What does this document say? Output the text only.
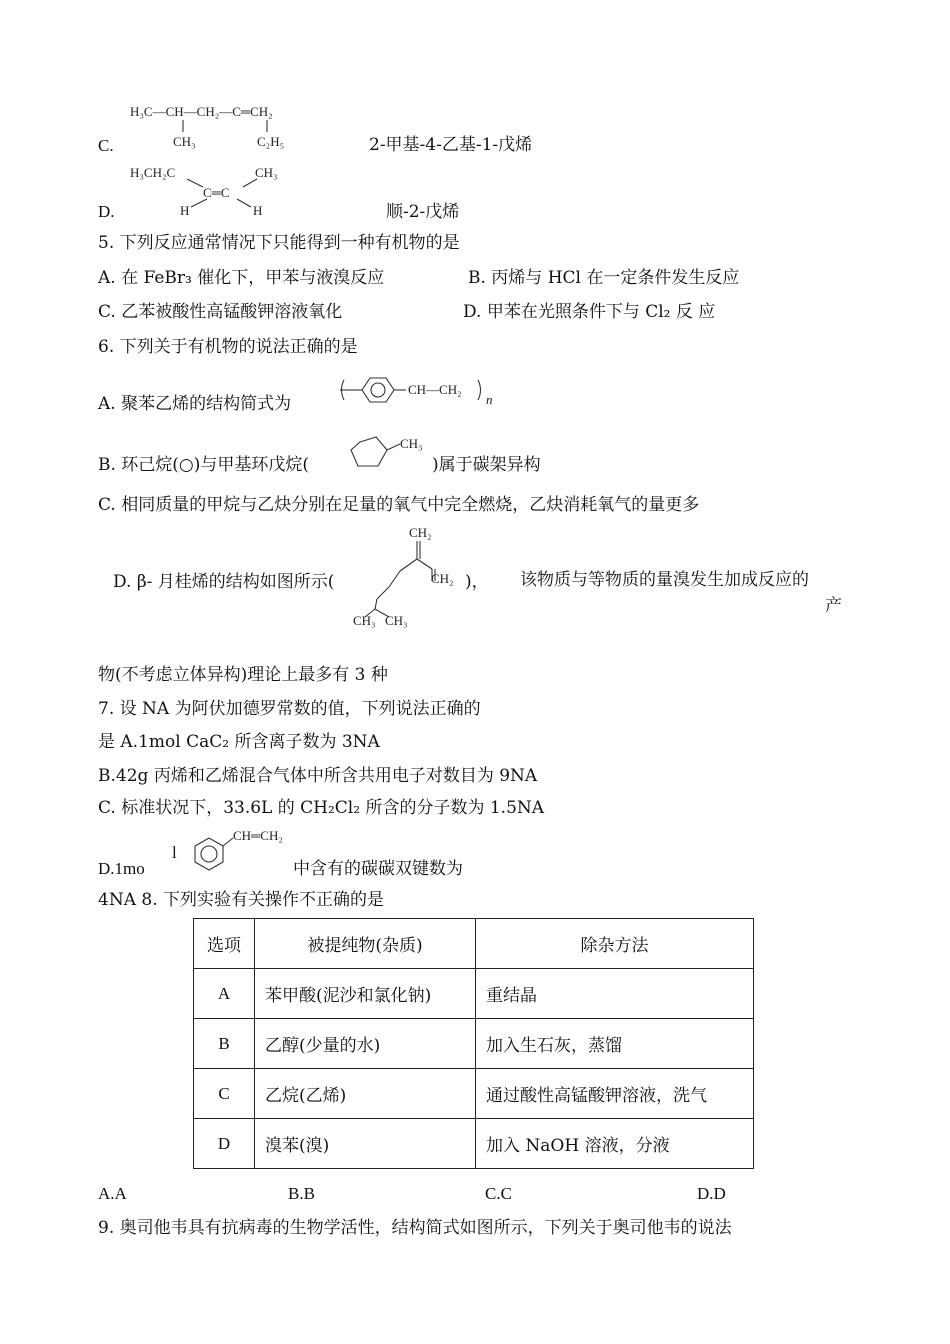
H₃C—CH—CH₂—C═CH₂
CH₃	C₂H₅
C.	2-甲基-4-乙基-1-戊烯
H₃CH₂C	CH₃
C═C
H	H
D.	顺-2-戊烯
5. 下列反应通常情况下只能得到一种有机物的是
A. 在 FeBr₃ 催化下，甲苯与液溴反应	B. 丙烯与 HCl 在一定条件发生反应
C. 乙苯被酸性高锰酸钾溶液氧化	D. 甲苯在光照条件下与 Cl₂ 反 应
6. 下列关于有机物的说法正确的是
A. 聚苯乙烯的结构简式为
CH—CH₂
n
B. 环己烷(○)与甲基环戊烷(
CH₃
)属于碳架异构
C. 相同质量的甲烷与乙炔分别在足量的氧气中完全燃烧，乙炔消耗氧气的量更多
D. β- 月桂烯的结构如图所示(
CH₂
CH₂
CH₃ CH₃
)， 该物质与等物质的量溴发生加成反应的
产
物(不考虑立体异构)理论上最多有 3 种
7. 设 NA 为阿伏加德罗常数的值，下列说法正确的
是 A.1mol CaC₂ 所含离子数为 3NA
B.42g 丙烯和乙烯混合气体中所含共用电子对数目为 9NA
C. 标准状况下，33.6L 的 CH₂Cl₂ 所含的分子数为 1.5NA
D.1mo
l
CH═CH₂
中含有的碳碳双键数为
4NA 8. 下列实验有关操作不正确的是
选项	被提纯物(杂质)	除杂方法
A	苯甲酸(泥沙和氯化钠)	重结晶
B	乙醇(少量的水)	加入生石灰，蒸馏
C	乙烷(乙烯)	通过酸性高锰酸钾溶液，洗气
D	溴苯(溴)	加入 NaOH 溶液，分液
A.A	B.B	C.C	D.D
9. 奥司他韦具有抗病毒的生物学活性，结构简式如图所示，下列关于奥司他韦的说法
